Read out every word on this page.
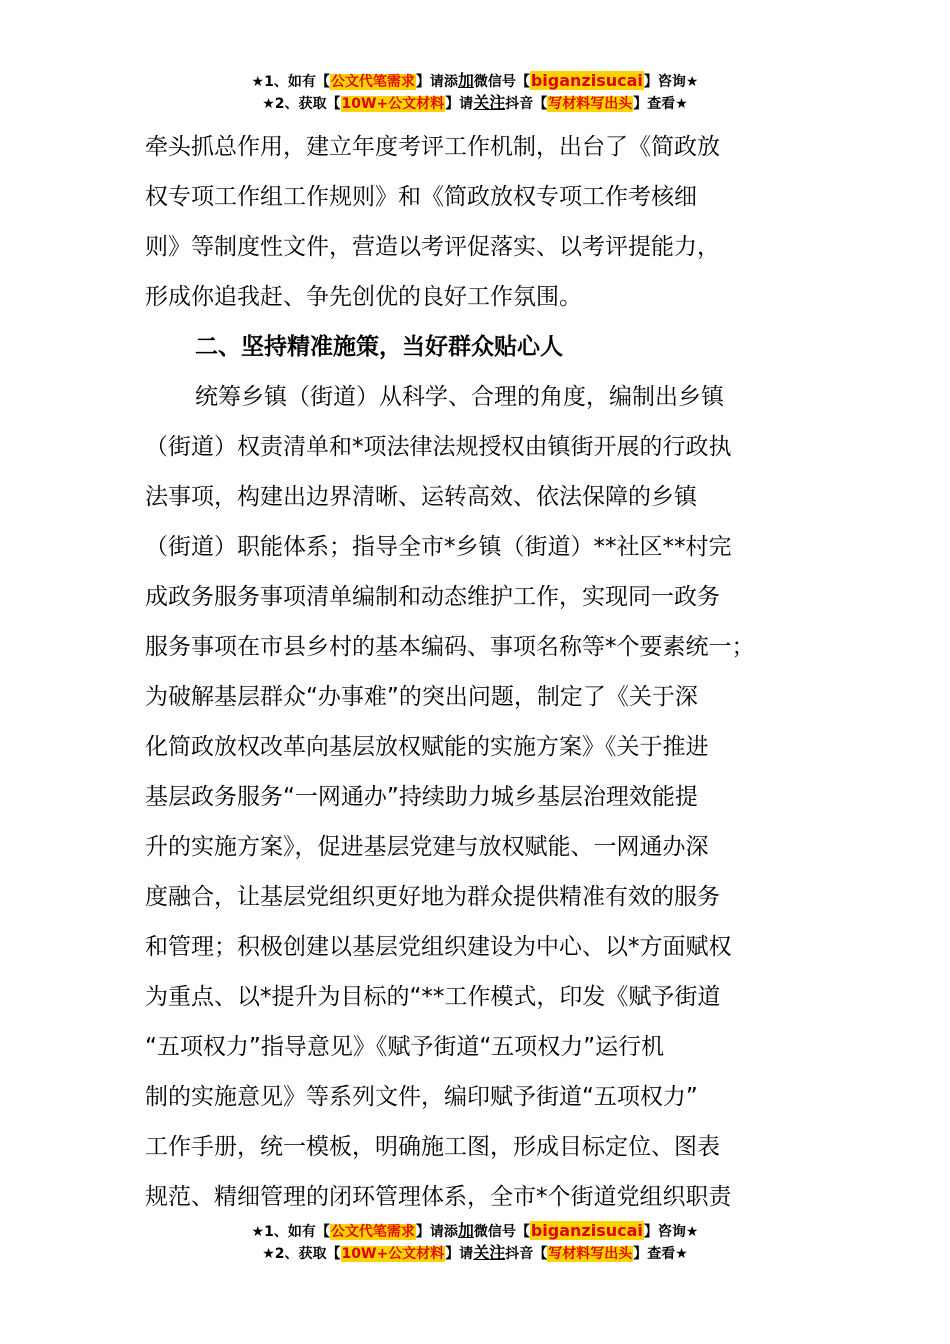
★1、如有【公文代笔需求】请添加微信号【biganzisucai】咨询★
★2、获取【10W+公文材料】请关注抖音【写材料写出头】查看★
牵头抓总作用，建立年度考评工作机制，出台了《简政放
权专项工作组工作规则》和《简政放权专项工作考核细
则》等制度性文件，营造以考评促落实、以考评提能力，
形成你追我赶、争先创优的良好工作氛围。
二、坚持精准施策，当好群众贴心人
统筹乡镇（街道）从科学、合理的角度，编制出乡镇
（街道）权责清单和*项法律法规授权由镇街开展的行政执
法事项，构建出边界清晰、运转高效、依法保障的乡镇
（街道）职能体系；指导全市*乡镇（街道）**社区**村完
成政务服务事项清单编制和动态维护工作，实现同一政务
服务事项在市县乡村的基本编码、事项名称等*个要素统一；
为破解基层群众“办事难”的突出问题，制定了《关于深
化简政放权改革向基层放权赋能的实施方案》《关于推进
基层政务服务“一网通办”持续助力城乡基层治理效能提
升的实施方案》，促进基层党建与放权赋能、一网通办深
度融合，让基层党组织更好地为群众提供精准有效的服务
和管理；积极创建以基层党组织建设为中心、以*方面赋权
为重点、以*提升为目标的“**工作模式，印发《赋予街道
“五项权力”指导意见》《赋予街道“五项权力”运行机
制的实施意见》等系列文件，编印赋予街道“五项权力”
工作手册，统一模板，明确施工图，形成目标定位、图表
规范、精细管理的闭环管理体系，全市*个街道党组织职责
★1、如有【公文代笔需求】请添加微信号【biganzisucai】咨询★
★2、获取【10W+公文材料】请关注抖音【写材料写出头】查看★
